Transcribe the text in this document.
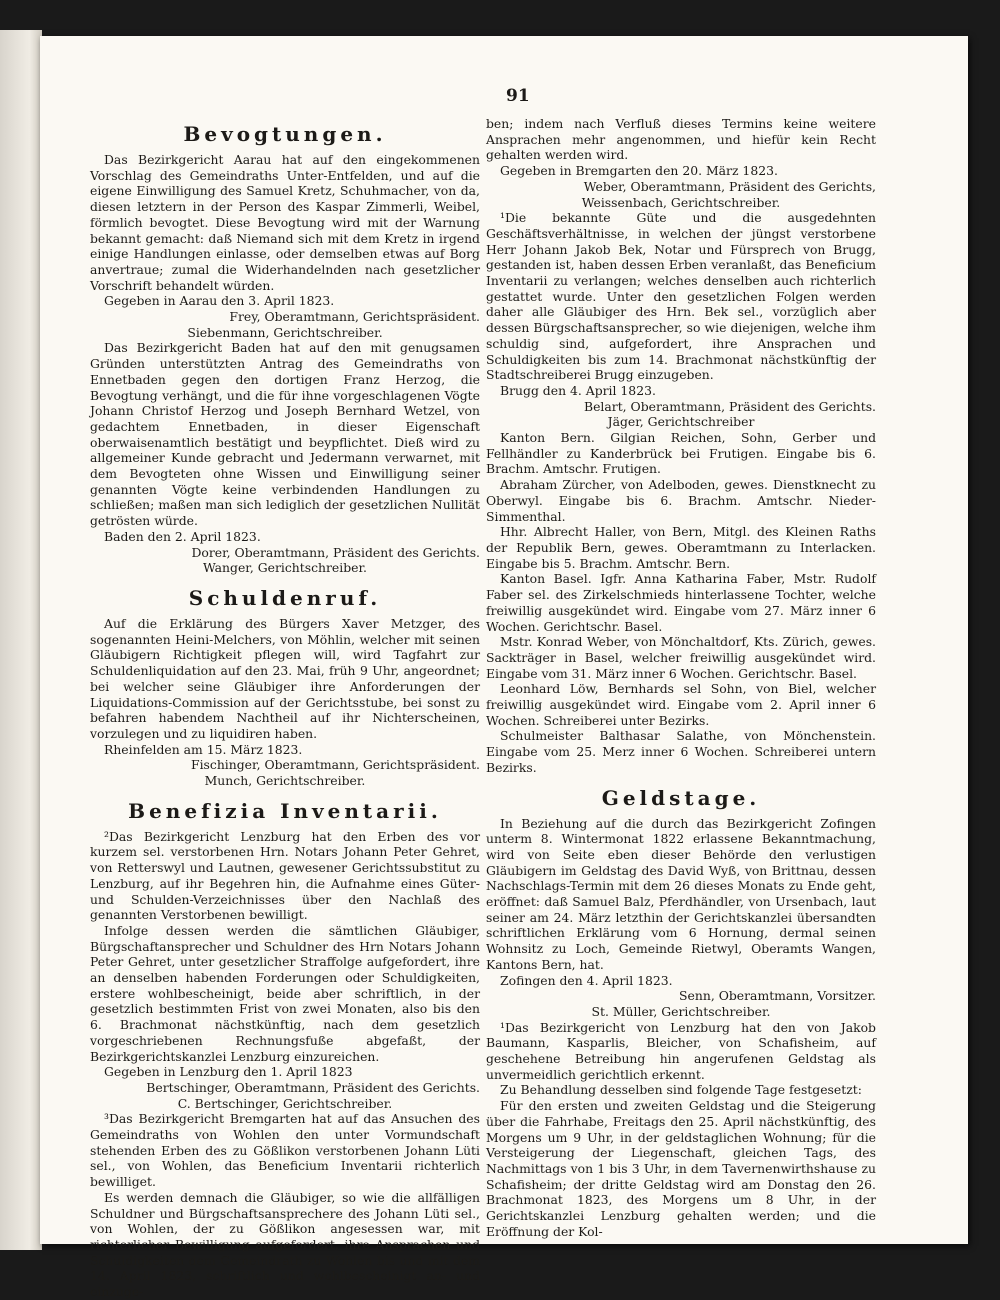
91
Bevogtungen.

Das Bezirkgericht Aarau hat auf den eingekommenen Vorschlag des Gemeindraths Unter-Entfelden, und auf die eigene Einwilligung des Samuel Kretz, Schuhmacher, von da, diesen letztern in der Person des Kaspar Zimmerli, Weibel, förmlich bevogtet. Diese Bevogtung wird mit der Warnung bekannt gemacht: daß Niemand sich mit dem Kretz in irgend einige Handlungen einlasse, oder demselben etwas auf Borg anvertraue; zumal die Widerhandelnden nach gesetzlicher Vorschrift behandelt würden.

Gegeben in Aarau den 3. April 1823.

Frey, Oberamtmann, Gerichtspräsident.

Siebenmann, Gerichtschreiber.

Das Bezirkgericht Baden hat auf den mit genugsamen Gründen unterstützten Antrag des Gemeindraths von Ennetbaden gegen den dortigen Franz Herzog, die Bevogtung verhängt, und die für ihne vorgeschlagenen Vögte Johann Christof Herzog und Joseph Bernhard Wetzel, von gedachtem Ennetbaden, in dieser Eigenschaft oberwaisenamtlich bestätigt und beypflichtet. Dieß wird zu allgemeiner Kunde gebracht und Jedermann verwarnet, mit dem Bevogteten ohne Wissen und Einwilligung seiner genannten Vögte keine verbindenden Handlungen zu schließen; maßen man sich lediglich der gesetzlichen Nullität getrösten würde.

Baden den 2. April 1823.

Dorer, Oberamtmann, Präsident des Gerichts.

Wanger, Gerichtschreiber.

Schuldenruf.

Auf die Erklärung des Bürgers Xaver Metzger, des sogenannten Heini-Melchers, von Möhlin, welcher mit seinen Gläubigern Richtigkeit pflegen will, wird Tagfahrt zur Schuldenliquidation auf den 23. Mai, früh 9 Uhr, angeordnet; bei welcher seine Gläubiger ihre Anforderungen der Liquidations-Commission auf der Gerichtsstube, bei sonst zu befahren habendem Nachtheil auf ihr Nichterscheinen, vorzulegen und zu liquidiren haben.

Rheinfelden am 15. März 1823.

Fischinger, Oberamtmann, Gerichtspräsident.

Munch, Gerichtschreiber.

Benefizia Inventarii.

²Das Bezirkgericht Lenzburg hat den Erben des vor kurzem sel. verstorbenen Hrn. Notars Johann Peter Gehret, von Retterswyl und Lautnen, gewesener Gerichtssubstitut zu Lenzburg, auf ihr Begehren hin, die Aufnahme eines Güter- und Schulden-Verzeichnisses über den Nachlaß des genannten Verstorbenen bewilligt.

Infolge dessen werden die sämtlichen Gläubiger, Bürgschaftansprecher und Schuldner des Hrn Notars Johann Peter Gehret, unter gesetzlicher Straffolge aufgefordert, ihre an denselben habenden Forderungen oder Schuldigkeiten, erstere wohlbescheinigt, beide aber schriftlich, in der gesetzlich bestimmten Frist von zwei Monaten, also bis den 6. Brachmonat nächstkünftig, nach dem gesetzlich vorgeschriebenen Rechnungsfuße abgefaßt, der Bezirkgerichtskanzlei Lenzburg einzureichen.

Gegeben in Lenzburg den 1. April 1823

Bertschinger, Oberamtmann, Präsident des Gerichts.

C. Bertschinger, Gerichtschreiber.

³Das Bezirkgericht Bremgarten hat auf das Ansuchen des Gemeindraths von Wohlen den unter Vormundschaft stehenden Erben des zu Gößlikon verstorbenen Johann Lüti sel., von Wohlen, das Beneficium Inventarii richterlich bewilliget.

Es werden demnach die Gläubiger, so wie die allfälligen Schuldner und Bürgschaftsansprechere des Johann Lüti sel., von Wohlen, der zu Gößlikon angesessen war, mit richterlicher Bewilligung aufgefordert, ihre Ansprachen und Schuldigkeiten dem Gemeindrath zu Wohlen bis und mit dem 14. April 1823, schriftlich und wohlbescheinigt an- und einzuge-

ben; indem nach Verfluß dieses Termins keine weitere Ansprachen mehr angenommen, und hiefür kein Recht gehalten werden wird.

Gegeben in Bremgarten den 20. März 1823.

Weber, Oberamtmann, Präsident des Gerichts,

Weissenbach, Gerichtschreiber.

¹Die bekannte Güte und die ausgedehnten Geschäftsverhältnisse, in welchen der jüngst verstorbene Herr Johann Jakob Bek, Notar und Fürsprech von Brugg, gestanden ist, haben dessen Erben veranlaßt, das Beneficium Inventarii zu verlangen; welches denselben auch richterlich gestattet wurde. Unter den gesetzlichen Folgen werden daher alle Gläubiger des Hrn. Bek sel., vorzüglich aber dessen Bürgschaftsansprecher, so wie diejenigen, welche ihm schuldig sind, aufgefordert, ihre Ansprachen und Schuldigkeiten bis zum 14. Brachmonat nächstkünftig der Stadtschreiberei Brugg einzugeben.

Brugg den 4. April 1823.

Belart, Oberamtmann, Präsident des Gerichts.

Jäger, Gerichtschreiber

Kanton Bern. Gilgian Reichen, Sohn, Gerber und Fellhändler zu Kanderbrück bei Frutigen. Eingabe bis 6. Brachm. Amtschr. Frutigen.

Abraham Zürcher, von Adelboden, gewes. Dienstknecht zu Oberwyl. Eingabe bis 6. Brachm. Amtschr. Nieder-Simmenthal.

Hhr. Albrecht Haller, von Bern, Mitgl. des Kleinen Raths der Republik Bern, gewes. Oberamtmann zu Interlacken. Eingabe bis 5. Brachm. Amtschr. Bern.

Kanton Basel. Igfr. Anna Katharina Faber, Mstr. Rudolf Faber sel. des Zirkelschmieds hinterlassene Tochter, welche freiwillig ausgekündet wird. Eingabe vom 27. März inner 6 Wochen. Gerichtschr. Basel.

Mstr. Konrad Weber, von Mönchaltdorf, Kts. Zürich, gewes. Sackträger in Basel, welcher freiwillig ausgekündet wird. Eingabe vom 31. März inner 6 Wochen. Gerichtschr. Basel.

Leonhard Löw, Bernhards sel Sohn, von Biel, welcher freiwillig ausgekündet wird. Eingabe vom 2. April inner 6 Wochen. Schreiberei unter Bezirks.

Schulmeister Balthasar Salathe, von Mönchenstein. Eingabe vom 25. Merz inner 6 Wochen. Schreiberei untern Bezirks.

Geldstage.

In Beziehung auf die durch das Bezirkgericht Zofingen unterm 8. Wintermonat 1822 erlassene Bekanntmachung, wird von Seite eben dieser Behörde den verlustigen Gläubigern im Geldstag des David Wyß, von Brittnau, dessen Nachschlags-Termin mit dem 26 dieses Monats zu Ende geht, eröffnet: daß Samuel Balz, Pferdhändler, von Ursenbach, laut seiner am 24. März letzthin der Gerichtskanzlei übersandten schriftlichen Erklärung vom 6 Hornung, dermal seinen Wohnsitz zu Loch, Gemeinde Rietwyl, Oberamts Wangen, Kantons Bern, hat.

Zofingen den 4. April 1823.

Senn, Oberamtmann, Vorsitzer.

St. Müller, Gerichtschreiber.

¹Das Bezirkgericht von Lenzburg hat den von Jakob Baumann, Kasparlis, Bleicher, von Schafisheim, auf geschehene Betreibung hin angerufenen Geldstag als unvermeidlich gerichtlich erkennt.

Zu Behandlung desselben sind folgende Tage festgesetzt:

Für den ersten und zweiten Geldstag und die Steigerung über die Fahrhabe, Freitags den 25. April nächstkünftig, des Morgens um 9 Uhr, in der geldstaglichen Wohnung; für die Versteigerung der Liegenschaft, gleichen Tags, des Nachmittags von 1 bis 3 Uhr, in dem Tavernenwirthshause zu Schafisheim; der dritte Geldstag wird am Donstag den 26. Brachmonat 1823, des Morgens um 8 Uhr, in der Gerichtskanzlei Lenzburg gehalten werden; und die Eröffnung der Kol-
